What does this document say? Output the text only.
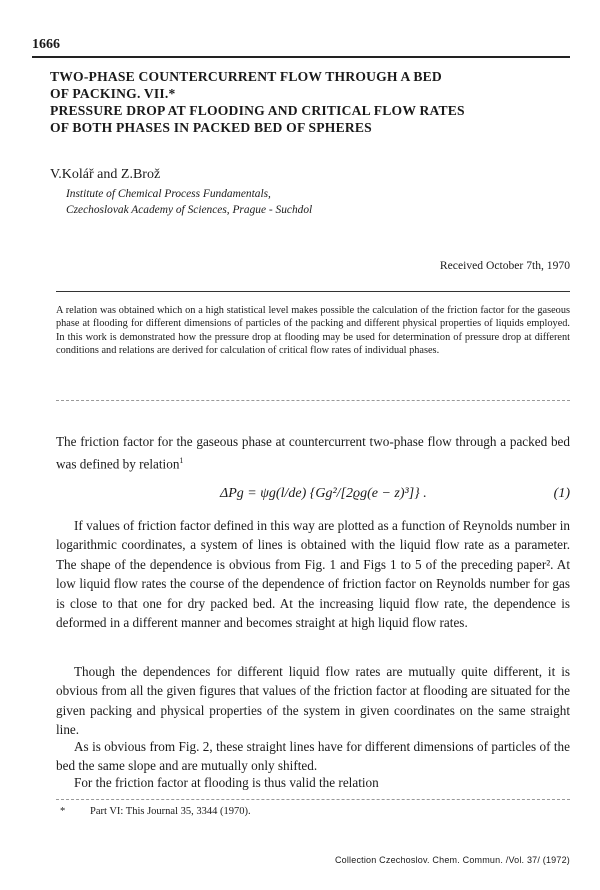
1666
TWO-PHASE COUNTERCURRENT FLOW THROUGH A BED
OF PACKING. VII.*
PRESSURE DROP AT FLOODING AND CRITICAL FLOW RATES
OF BOTH PHASES IN PACKED BED OF SPHERES
V.Kolář and Z.Brož
Institute of Chemical Process Fundamentals,
Czechoslovak Academy of Sciences, Prague - Suchdol
Received October 7th, 1970
A relation was obtained which on a high statistical level makes possible the calculation of the friction factor for the gaseous phase at flooding for different dimensions of particles of the packing and different physical properties of liquids employed. In this work is demonstrated how the pressure drop at flooding may be used for determination of pressure drop at different conditions and relations are derived for calculation of critical flow rates of individual phases.
The friction factor for the gaseous phase at countercurrent two-phase flow through a packed bed was defined by relation$^1$
ΔPg = ψg(l/de) {Gg²/[2ϱg(e − z)³]} .	(1)
If values of friction factor defined in this way are plotted as a function of Reynolds number in logarithmic coordinates, a system of lines is obtained with the liquid flow rate as a parameter. The shape of the dependence is obvious from Fig. 1 and Figs 1 to 5 of the preceding paper². At low liquid flow rates the course of the dependence of friction factor on Reynolds number for gas is close to that one for dry packed bed. At the increasing liquid flow rate, the dependence is deformed in a different manner and becomes straight at high liquid flow rates.
Though the dependences for different liquid flow rates are mutually quite different, it is obvious from all the given figures that values of the friction factor at flooding are situated for the given packing and physical properties of the system in given coordinates on the same straight line.
As is obvious from Fig. 2, these straight lines have for different dimensions of particles of the bed the same slope and are mutually only shifted.
For the friction factor at flooding is thus valid the relation
* Part VI: This Journal 35, 3344 (1970).
Collection Czechoslov. Chem. Commun. /Vol. 37/ (1972)
